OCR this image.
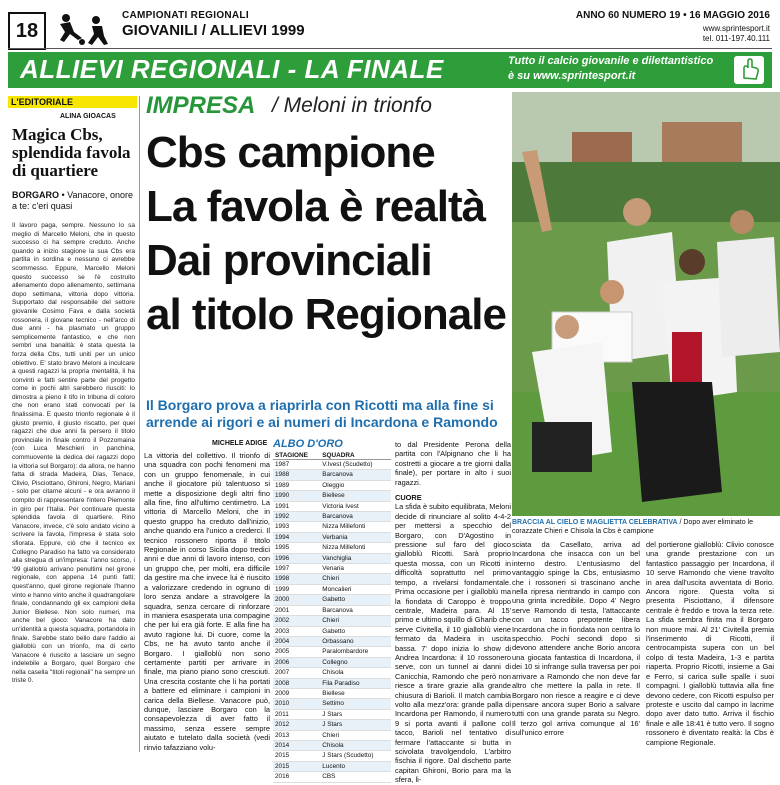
18
CAMPIONATI REGIONALI
GIOVANILI / ALLIEVI 1999
ANNO 60 NUMERO 19 • 16 MAGGIO 2016
www.sprintesport.it
tel. 011-197.40.111
ALLIEVI REGIONALI - LA FINALE	Tutto il calcio giovanile e dilettantistico
è su www.sprintesport.it
L'EDITORIALE
ALINA GIOACAS
Magica Cbs, splendida favola di quartiere
BORGARO • Vanacore, onore a te: c'eri quasi
Il lavoro paga, sempre. Nessuno lo sa meglio di Marcello Meloni, che in questo successo ci ha sempre creduto. Anche quando a inizio stagione la sua Cbs era partita in sordina e nessuno ci avrebbe scommesso. Eppure, Marcello Meloni questo successo se l'è costruito allenamento dopo allenamento, settimana dopo settimana, vittoria dopo vittoria. Supportato dal responsabile del settore giovanile Cosimo Fava e dalla società rossonera, il giovane tecnico - nell'arco di due anni - ha plasmato un gruppo semplicemente fantastico, e che non sembri una banalità: è stata questa la forza della Cbs, tutti uniti per un unico obiettivo. E' stato bravo Meloni a inculcare a questi ragazzi la propria mentalità, li ha convinti e fatti sentire parte del progetto come in pochi altri sarebbero riusciti: lo dimostra a pieno il tifo in tribuna di coloro che non erano stati convocati per la finalissima. E questo trionfo regionale è il giusto premio, il giusto riscatto, per quei ragazzi che due anni fa persero il titolo provinciale in finale contro il Pozzomaina (con Luca Meschieri in panchina, commuovente la dedica dei ragazzi dopo la vittoria sul Borgaro): da allora, ne hanno fatta di strada Madeira, Dias, Tenace, Clivio, Pisciottano, Ghironi, Negro, Mariani - solo per citarne alcuni - e ora avranno il compito di rappresentare l'intero Piemonte in giro per l'Italia. Per continuare questa splendida favola di quartiere. Rino Vanacore, invece, c'è solo andato vicino a scrivere la favola, l'impresa è stata solo sfiorata. Eppure, ciò che il tecnico ex Collegno Paradiso ha fatto va considerato alla stregua di un'impresa: l'anno scorso, i '99 gialloblù arrivano penultimi nel girone regionale, con appena 14 punti fatti; quest'anno, quel girone regionale l'hanno vinto e hanno vinto anche il quadrangolare finale, condannando gli ex campioni della Junior Biellese. Non solo numeri, ma anche bel gioco: Vanacore ha dato un'identità a questa squadra, portandola in finale. Sarebbe stato bello dare l'addio ai gialloblù con un trionfo, ma di certo Vanacore è riuscito a lasciare un segno indelebile a Borgaro, quel Borgaro che nella casella "titoli regionali" ha sempre un triste 0.
IMPRESA / Meloni in trionfo
Cbs campione
La favola è realtà
Dai provinciali
al titolo Regionale
Il Borgaro prova a riaprirla con Ricotti ma alla fine si
arrende ai rigori e ai numeri di Incardona e Ramondo
BRACCIA AL CIELO E MAGLIETTA CELEBRATIVA / Dopo aver eliminato le corazzate Chieri e Chisola la Cbs è campione
MICHELE ADIGE
La vittoria del collettivo. Il trionfo di una squadra con pochi fenomeni ma con un gruppo fenomenale, in cui anche il giocatore più talentuoso si mette a disposizione degli altri fino alla fine, fino all'ultimo centimetro. La vittoria di Marcello Meloni, che in questo gruppo ha creduto dall'inizio, anche quando era l'unico a crederci. Il tecnico rossonero riporta il titolo Regionale in corso Sicilia dopo tredici anni e due anni di lavoro intenso, con un gruppo che, per molti, era difficile da gestire ma che invece lui è riuscito a valorizzare credendo in ognuno di loro senza andare a stravolgere la squadra, senza cercare di rinforzare in maniera esasperata una compagine che per lui era già forte. E alla fine ha avuto ragione lui. Di cuore, come la Cbs, ne ha avuto tanto anche il Borgaro. I gialloblù non sono certamente partiti per arrivare in finale, ma piano piano sono cresciuti. Una crescita costante che li ha portati a battere ed eliminare i campioni in carica della Biellese. Vanacore può, dunque, lasciare Borgaro con la consapevolezza di aver fatto il massimo, senza essere sempre aiutato e tutelato dalla società (vedi rinvio tafazziano volu-
ALBO D'ORO
STAGIONE	SQUADRA
1987	V.Ivest (Scudetto)
1988	Barcanova
1989	Oleggio
1990	Biellese
1991	Victoria Ivest
1992	Barcanova
1993	Nizza Millefonti
1994	Verbania
1995	Nizza Millefonti
1996	Vanchiglia
1997	Venaria
1998	Chieri
1999	Moncalieri
2000	Gabetto
2001	Barcanova
2002	Chieri
2003	Gabetto
2004	Orbassano
2005	Paralombardore
2006	Collegno
2007	Chisola
2008	Fila Paradiso
2009	Biellese
2010	Settimo
2011	J Stars
2012	J Stars
2013	Chieri
2014	Chisola
2015	J Stars (Scudetto)
2015	Lucento
2016	CBS
to dal Presidente Perona della partita con l'Alpignano che li ha costretti a giocare a tre giorni dalla finale), per portare in alto i suoi ragazzi.
CUORE
La sfida è subito equilibrata, Meloni decide di rinunciare al solito 4-4-2 per mettersi a specchio del Borgaro, con D'Agostino in pressione sul faro del gioco gialloblù Ricotti. Sarà proprio questa mossa, con un Ricotti in difficoltà soprattutto nel primo tempo, a rivelarsi fondamentale. Prima occasione per i gialloblù ma la fiondata di Caroppo è troppo centrale, Madeira para. Al 15' primo e ultimo squillo di Gharib che serve Civitella, il 10 gialloblù viene fermato da Madeira in uscita bassa. 7' dopo inizia lo show di Andrea Incardona: il 10 rossonero serve, con un tunnel ai danni di Canicchia, Ramondo che però non riesce a tirare grazie alla grande chiusura di Barioli. Il match cambia volto alla mezz'ora: grande palla di Incardona per Ramondo, il numero 9 si porta avanti il pallone col tacco, Barioli nel tentativo di fermare l'attaccante si butta in scivolata travolgendolo. L'arbitro fischia il rigore. Dal dischetto parte capitan Ghironi, Borio para ma la sfera, li-
sciata da Casellato, arriva ad Incardona che insacca con un bel interno destro. L'entusiasmo del vantaggio spinge la Cbs, entusiasmo che i rossoneri si trascinano anche nella ripresa rientrando in campo con una grinta incredibile. Dopo 4' Negro serve Ramondo di testa, l'attaccante con un tacco prepotente libera Incardona che in fiondata non centra lo specchio. Pochi secondi dopo si devono attendere anche Borio ancora una giocata fantastica di Incardona, il dei 10 si infrange sulla traversa per poi arrivare a Ramondo che non deve far altro che mettere la palla in rete. Il Borgaro non riesce a reagire e ci deve pensare ancora super Borio a salvare tutti con una grande parata su Negro. Il terzo gol arriva comunque al 16' sull'unico errore
del portierone gialloblù: Clivio conosce una grande prestazione con un fantastico passaggio per Incardona, il 10 serve Ramondo che viene travolto in area dall'uscita avventata di Borio. Ancora rigore. Questa volta si presenta Pisciottano, il difensore centrale è freddo e trova la terza rete. La sfida sembra finita ma il Borgaro non muore mai. Al 21' Civitella premia l'inserimento di Ricotti, il centrocampista supera con un bel colpo di testa Madeira, 1-3 e partita riaperta. Proprio Ricotti, insieme a Gai e Ferro, si carica sulle spalle i suoi compagni. I gialloblù tuttavia alla fine devono cedere, con Ricotti espulso per proteste e uscito dal campo in lacrime dopo aver dato tutto. Arriva il fischio finale e alle 18:41 è tutto vero. Il sogno rossonero è diventato realtà: la Cbs è campione Regionale.
